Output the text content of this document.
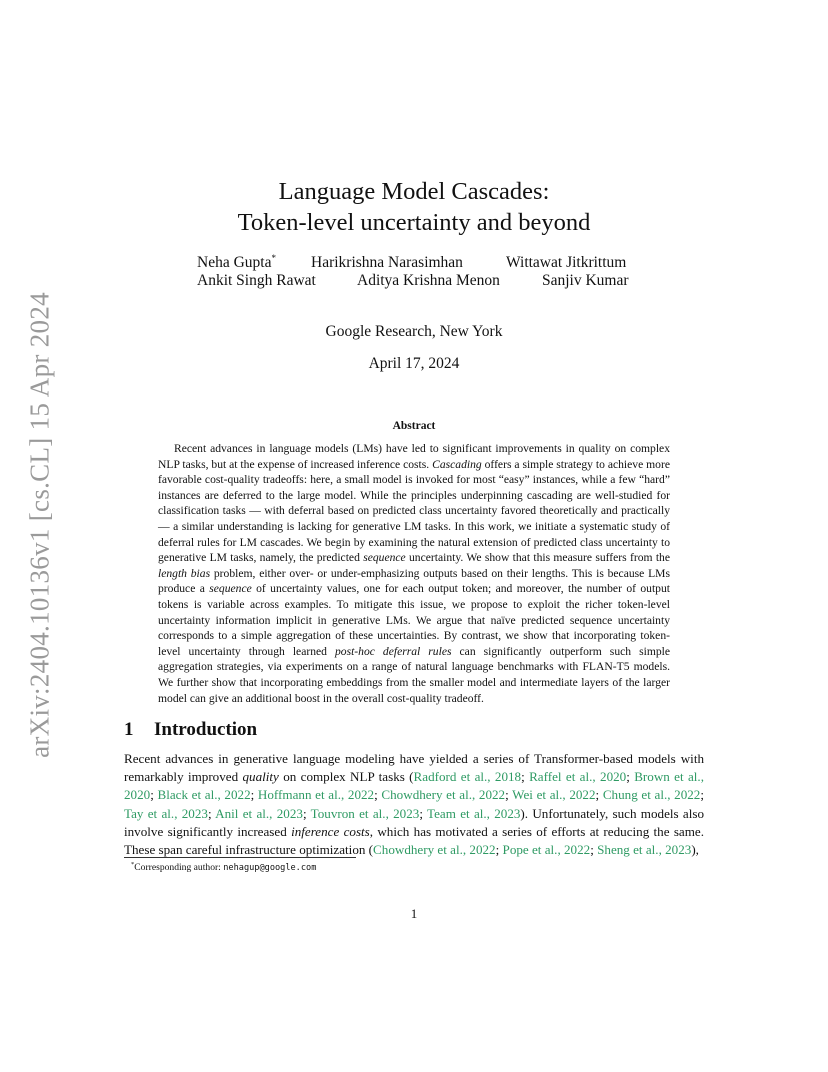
arXiv:2404.10136v1 [cs.CL] 15 Apr 2024
Language Model Cascades:
Token-level uncertainty and beyond
Neha Gupta* Harikrishna Narasimhan	Wittawat Jitkrittum
Ankit Singh Rawat	Aditya Krishna Menon	Sanjiv Kumar
Google Research, New York
April 17, 2024
Abstract

Recent advances in language models (LMs) have led to significant improvements in quality on complex NLP tasks, but at the expense of increased inference costs. Cascading offers a simple strategy to achieve more favorable cost-quality tradeoffs: here, a small model is invoked for most “easy” instances, while a few “hard” instances are deferred to the large model. While the principles underpinning cascading are well-studied for classification tasks — with deferral based on predicted class uncertainty favored theoretically and practically — a similar understanding is lacking for generative LM tasks. In this work, we initiate a systematic study of deferral rules for LM cascades. We begin by examining the natural extension of predicted class uncertainty to generative LM tasks, namely, the predicted sequence uncertainty. We show that this measure suffers from the length bias problem, either over- or under-emphasizing outputs based on their lengths. This is because LMs produce a sequence of uncertainty values, one for each output token; and moreover, the number of output tokens is variable across examples. To mitigate this issue, we propose to exploit the richer token-level uncertainty information implicit in generative LMs. We argue that naïve predicted sequence uncertainty corresponds to a simple aggregation of these uncertainties. By contrast, we show that incorporating token-level uncertainty through learned post-hoc deferral rules can significantly outperform such simple aggregation strategies, via experiments on a range of natural language benchmarks with FLAN-T5 models. We further show that incorporating embeddings from the smaller model and intermediate layers of the larger model can give an additional boost in the overall cost-quality tradeoff.

1 Introduction

Recent advances in generative language modeling have yielded a series of Transformer-based models with remarkably improved quality on complex NLP tasks (Radford et al., 2018; Raffel et al., 2020; Brown et al., 2020; Black et al., 2022; Hoffmann et al., 2022; Chowdhery et al., 2022; Wei et al., 2022; Chung et al., 2022; Tay et al., 2023; Anil et al., 2023; Touvron et al., 2023; Team et al., 2023). Unfortunately, such models also involve significantly increased inference costs, which has motivated a series of efforts at reducing the same. These span careful infrastructure optimization (Chowdhery et al., 2022; Pope et al., 2022; Sheng et al., 2023),

*Corresponding author: nehagup@google.com
1
